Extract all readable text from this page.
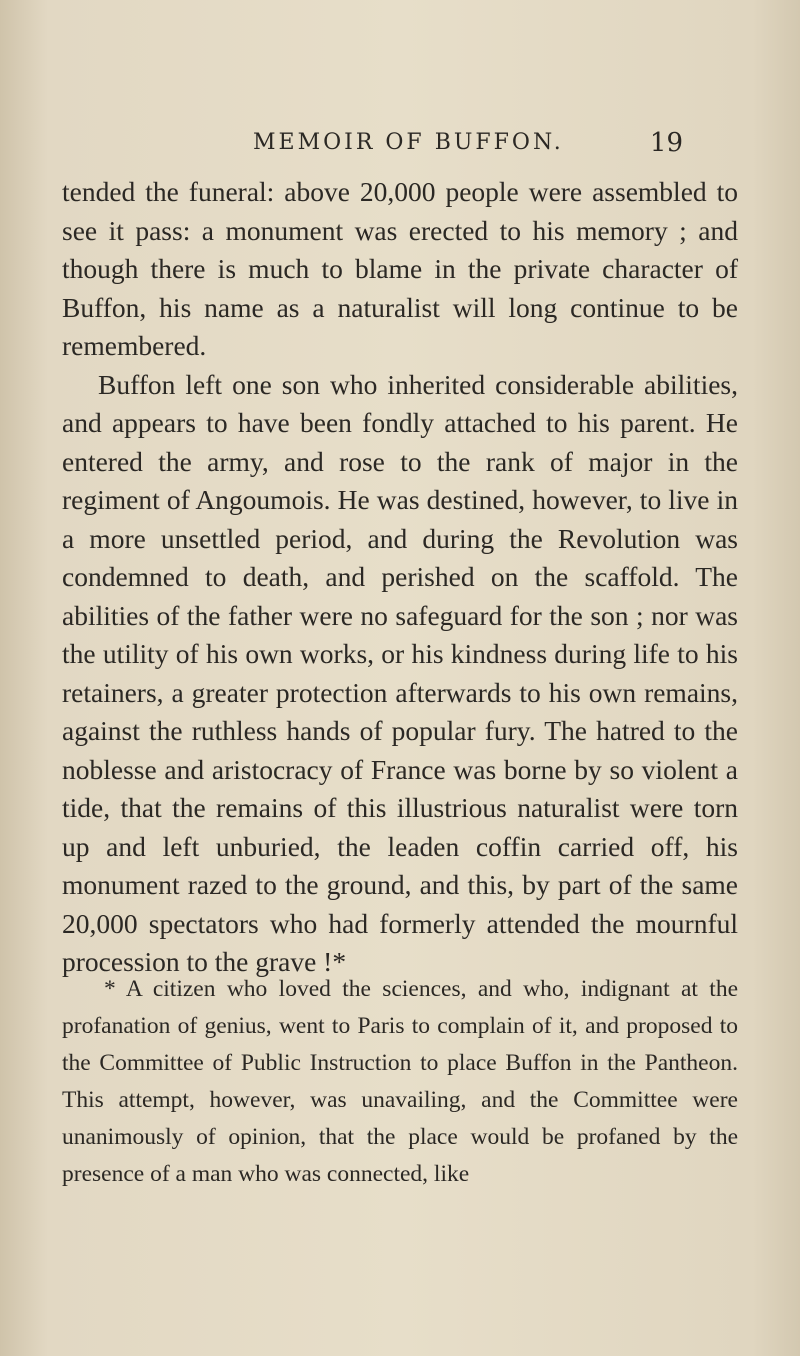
MEMOIR OF BUFFON.	19

tended the funeral: above 20,000 people were assembled to see it pass: a monument was erected to his memory ; and though there is much to blame in the private character of Buffon, his name as a naturalist will long continue to be remembered.

Buffon left one son who inherited considerable abilities, and appears to have been fondly attached to his parent. He entered the army, and rose to the rank of major in the regiment of Angoumois. He was destined, however, to live in a more unsettled period, and during the Revolution was condemned to death, and perished on the scaffold. The abilities of the father were no safeguard for the son ; nor was the utility of his own works, or his kindness during life to his retainers, a greater protection afterwards to his own remains, against the ruthless hands of popular fury. The hatred to the noblesse and aristocracy of France was borne by so violent a tide, that the remains of this illustrious naturalist were torn up and left unburied, the leaden coffin carried off, his monument razed to the ground, and this, by part of the same 20,000 spectators who had formerly attended the mournful procession to the grave !*

* A citizen who loved the sciences, and who, indignant at the profanation of genius, went to Paris to complain of it, and proposed to the Committee of Public Instruction to place Buffon in the Pantheon. This attempt, however, was unavailing, and the Committee were unanimously of opinion, that the place would be profaned by the presence of a man who was connected, like
